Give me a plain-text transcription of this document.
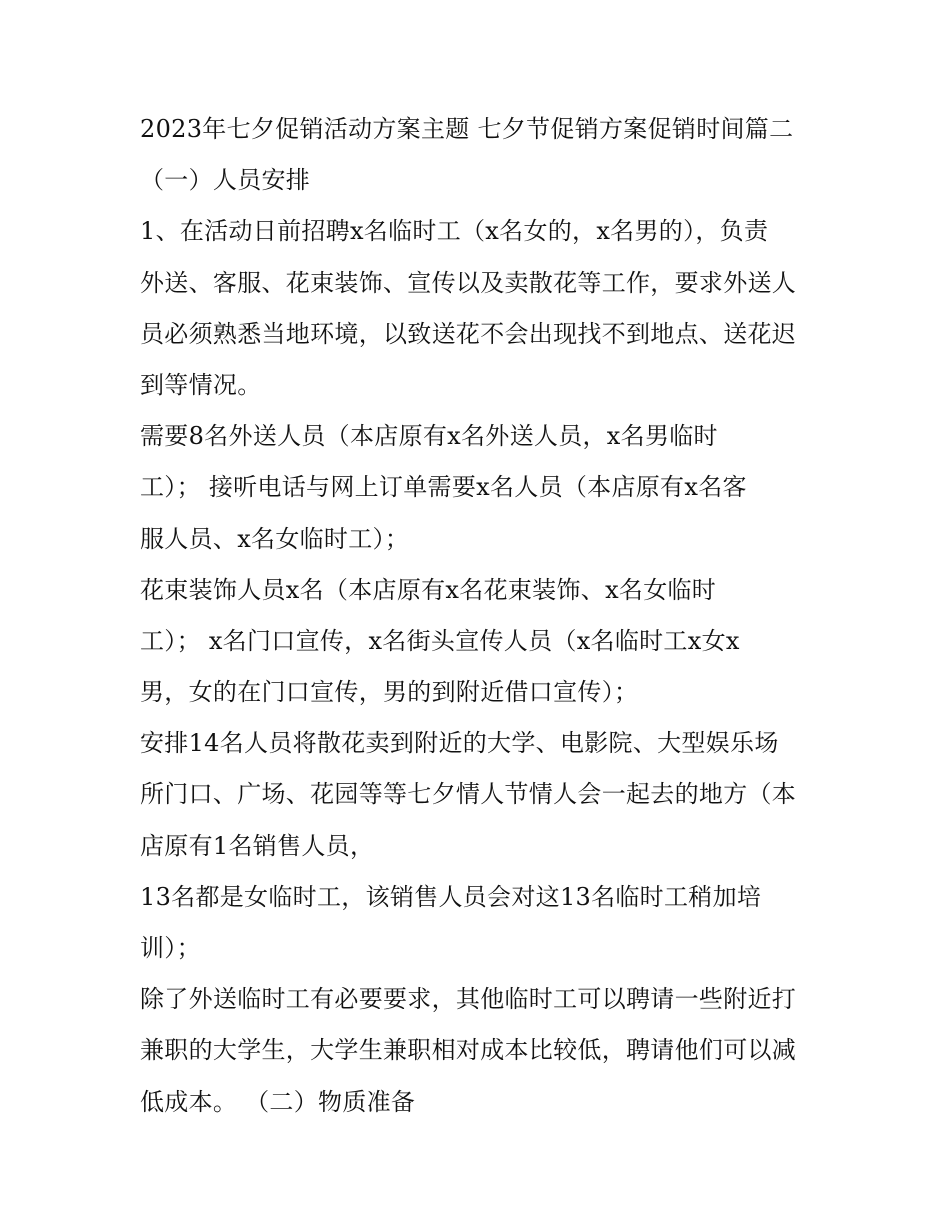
2023年七夕促销活动方案主题 七夕节促销方案促销时间篇二
（一）人员安排
1、在活动日前招聘x名临时工（x名女的，x名男的），负责
外送、客服、花束装饰、宣传以及卖散花等工作，要求外送人
员必须熟悉当地环境，以致送花不会出现找不到地点、送花迟
到等情况。
需要8名外送人员（本店原有x名外送人员，x名男临时
工）； 接听电话与网上订单需要x名人员（本店原有x名客
服人员、x名女临时工）；
花束装饰人员x名（本店原有x名花束装饰、x名女临时
工）； x名门口宣传，x名街头宣传人员（x名临时工x女x
男，女的在门口宣传，男的到附近借口宣传）；
安排14名人员将散花卖到附近的大学、电影院、大型娱乐场
所门口、广场、花园等等七夕情人节情人会一起去的地方（本
店原有1名销售人员，
13名都是女临时工，该销售人员会对这13名临时工稍加培
训）；
除了外送临时工有必要要求，其他临时工可以聘请一些附近打
兼职的大学生，大学生兼职相对成本比较低，聘请他们可以减
低成本。 （二）物质准备
